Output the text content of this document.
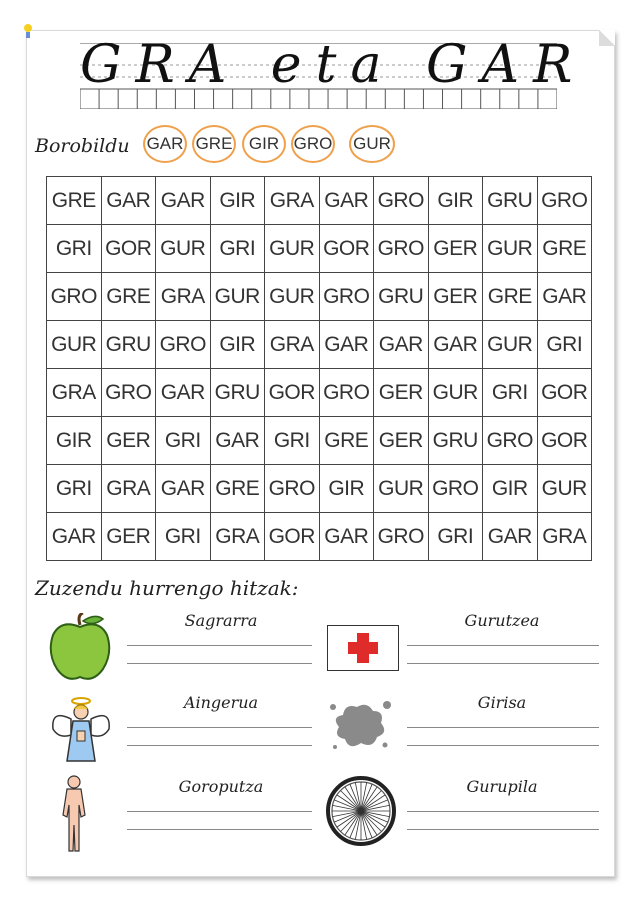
GRA eta GAR
Borobildu GAR GRE GIR GRO GUR
GRE	GAR	GAR	GIR	GRA	GAR	GRO	GIR	GRU	GRO
GRI	GOR	GUR	GRI	GUR	GOR	GRO	GER	GUR	GRE
GRO	GRE	GRA	GUR	GUR	GRO	GRU	GER	GRE	GAR
GUR	GRU	GRO	GIR	GRA	GAR	GAR	GAR	GUR	GRI
GRA	GRO	GAR	GRU	GOR	GRO	GER	GUR	GRI	GOR
GIR	GER	GRI	GAR	GRI	GRE	GER	GRU	GRO	GOR
GRI	GRA	GAR	GRE	GRO	GIR	GUR	GRO	GIR	GUR
GAR	GER	GRI	GRA	GOR	GAR	GRO	GRI	GAR	GRA
Zuzendu hurrengo hitzak:
Sagrarra	Gurutzea
Aingerua	Girisa
Goroputza	Gurupila
